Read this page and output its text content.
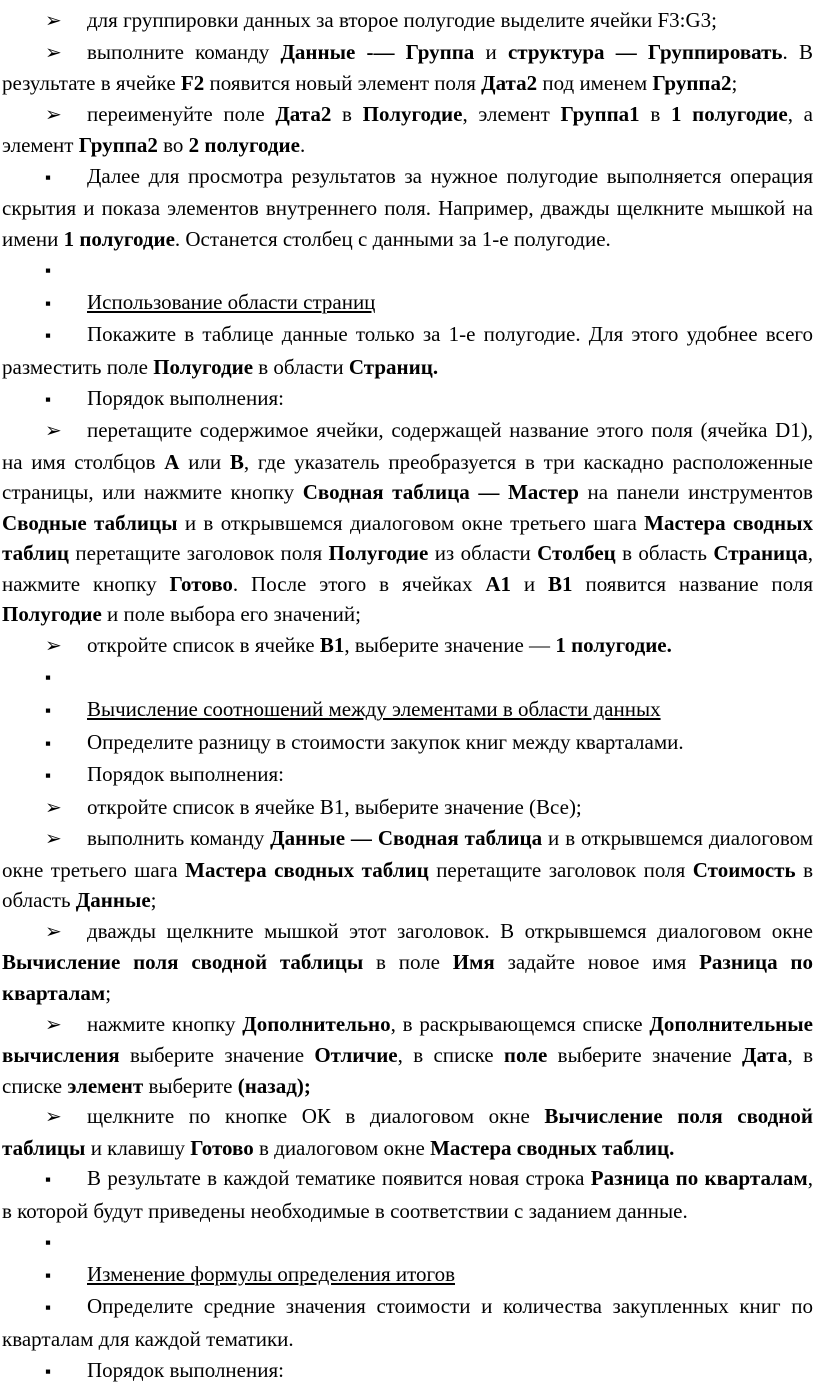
➢ для группировки данных за второе полугодие выделите ячейки F3:G3;
➢ выполните команду Данные -— Группа и структура — Группировать. В результате в ячейке F2 появится новый элемент поля Дата2 под именем Группа2;
➢ переименуйте поле Дата2 в Полугодие, элемент Группа1 в 1 полугодие, а элемент Группа2 во 2 полугодие.
▪ Далее для просмотра результатов за нужное полугодие выполняется операция скрытия и показа элементов внутреннего поля. Например, дважды щелкните мышкой на имени 1 полугодие. Останется столбец с данными за 1-е полугодие.
▪
▪ Использование области страниц
▪ Покажите в таблице данные только за 1-е полугодие. Для этого удобнее всего разместить поле Полугодие в области Страниц.
▪ Порядок выполнения:
➢ перетащите содержимое ячейки, содержащей название этого поля (ячейка D1), на имя столбцов А или В, где указатель преобразуется в три каскадно расположенные страницы, или нажмите кнопку Сводная таблица — Мастер на панели инструментов Сводные таблицы и в открывшемся диалоговом окне третьего шага Мастера сводных таблиц перетащите заголовок поля Полугодие из области Столбец в область Страница, нажмите кнопку Готово. После этого в ячейках А1 и В1 появится название поля Полугодие и поле выбора его значений;
➢ откройте список в ячейке В1, выберите значение — 1 полугодие.
▪
▪ Вычисление соотношений между элементами в области данных
▪ Определите разницу в стоимости закупок книг между кварталами.
▪ Порядок выполнения:
➢ откройте список в ячейке В1, выберите значение (Все);
➢ выполнить команду Данные — Сводная таблица и в открывшемся диалоговом окне третьего шага Мастера сводных таблиц перетащите заголовок поля Стоимость в область Данные;
➢ дважды щелкните мышкой этот заголовок. В открывшемся диалоговом окне Вычисление поля сводной таблицы в поле Имя задайте новое имя Разница по кварталам;
➢ нажмите кнопку Дополнительно, в раскрывающемся списке Дополнительные вычисления выберите значение Отличие, в списке поле выберите значение Дата, в списке элемент выберите (назад);
➢ щелкните по кнопке ОК в диалоговом окне Вычисление поля сводной таблицы и клавишу Готово в диалоговом окне Мастера сводных таблиц.
▪ В результате в каждой тематике появится новая строка Разница по кварталам, в которой будут приведены необходимые в соответствии с заданием данные.
▪
▪ Изменение формулы определения итогов
▪ Определите средние значения стоимости и количества закупленных книг по кварталам для каждой тематики.
▪ Порядок выполнения:
